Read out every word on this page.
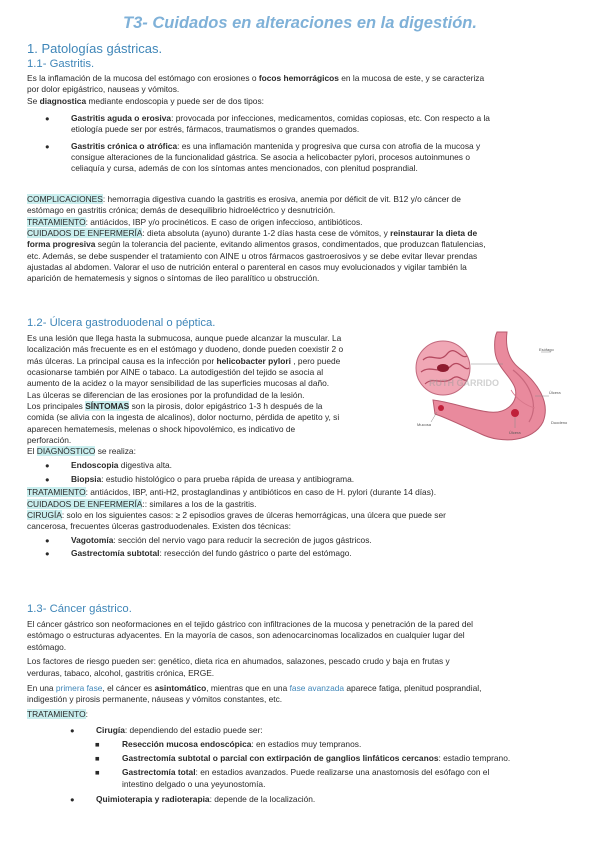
T3- Cuidados en alteraciones en la digestión.
1. Patologías gástricas.
1.1- Gastritis.

Es la inflamación de la mucosa del estómago con erosiones o focos hemorrágicos en la mucosa de este, y se caracteriza

por dolor epigástrico, nauseas y vómitos.

Se diagnostica mediante endoscopia y puede ser de dos tipos:

●	Gastritis aguda o erosiva: provocada por infecciones, medicamentos, comidas copiosas, etc. Con respecto a la

etiología puede ser por estrés, fármacos, traumatismos o grandes quemados.

●	Gastritis crónica o atrófica: es una inflamación mantenida y progresiva que cursa con atrofia de la mucosa y

consigue alteraciones de la funcionalidad gástrica. Se asocia a helicobacter pylori, procesos autoinmunes o

celiaquía y cursa, además de con los síntomas antes mencionados, con plenitud posprandial.

COMPLICACIONES: hemorragia digestiva cuando la gastritis es erosiva, anemia por déficit de vit. B12 y/o cáncer de

estómago en gastritis crónica; demás de desequilibrio hidroeléctrico y desnutrición.

TRATAMIENTO: antiácidos, IBP y/o procinéticos. E caso de origen infeccioso, antibióticos.

CUIDADOS DE ENFERMERÍA: dieta absoluta (ayuno) durante 1-2 días hasta cese de vómitos, y reinstaurar la dieta de

forma progresiva según la tolerancia del paciente, evitando alimentos grasos, condimentados, que produzcan flatulencias,

etc. Además, se debe suspender el tratamiento con AINE u otros fármacos gastroerosivos y se debe evitar llevar prendas

ajustadas al abdomen. Valorar el uso de nutrición enteral o parenteral en casos muy evolucionados y vigilar también la

aparición de hematemesis y signos o síntomas de íleo paralítico u obstrucción.

1.2- Úlcera gastroduodenal o péptica.
Esófago
Úlcera
Duodeno
Mucosa
Úlcera
RUTH GARRIDO

Es una lesión que llega hasta la submucosa, aunque puede alcanzar la muscular. La

localización más frecuente es en el estómago y duodeno, donde pueden coexistir 2 o

más úlceras. La principal causa es la infección por helicobacter pylori , pero puede

ocasionarse también por AINE o tabaco. La autodigestión del tejido se asocia al

aumento de la acidez o la mayor sensibilidad de las superficies mucosas al daño.

Las úlceras se diferencian de las erosiones por la profundidad de la lesión.

Los principales SÍNTOMAS son la pirosis, dolor epigástrico 1-3 h después de la

comida (se alivia con la ingesta de alcalinos), dolor nocturno, pérdida de apetito y, si

aparecen hematemesis, melenas o shock hipovolémico, es indicativo de

perforación.

El DIAGNÓSTICO se realiza:

●	Endoscopia digestiva alta.

●	Biopsia: estudio histológico o para prueba rápida de ureasa y antibiograma.

TRATAMIENTO: antiácidos, IBP, anti-H2, prostaglandinas y antibióticos en caso de H. pylori (durante 14 días).

CUIDADOS DE ENFERMERÍA:: similares a los de la gastritis.

CIRUGÍA: solo en los siguientes casos: ≥ 2 episodios graves de úlceras hemorrágicas, una úlcera que puede ser

cancerosa, frecuentes úlceras gastroduodenales. Existen dos técnicas:

●	Vagotomía: sección del nervio vago para reducir la secreción de jugos gástricos.

●	Gastrectomía subtotal: resección del fundo gástrico o parte del estómago.

1.3- Cáncer gástrico.

El cáncer gástrico son neoformaciones en el tejido gástrico con infiltraciones de la mucosa y penetración de la pared del

estómago o estructuras adyacentes. En la mayoría de casos, son adenocarcinomas localizados en cualquier lugar del

estómago.

Los factores de riesgo pueden ser: genético, dieta rica en ahumados, salazones, pescado crudo y baja en frutas y

verduras, tabaco, alcohol, gastritis crónica, ERGE.

En una primera fase, el cáncer es asintomático, mientras que en una fase avanzada aparece fatiga, plenitud posprandial,

indigestión y pirosis permanente, náuseas y vómitos constantes, etc.

TRATAMIENTO:

●	Cirugía: dependiendo del estadio puede ser:

■	Resección mucosa endoscópica: en estadios muy tempranos.

■	Gastrectomía subtotal o parcial con extirpación de ganglios linfáticos cercanos: estadio temprano.

■	Gastrectomía total: en estadios avanzados. Puede realizarse una anastomosis del esófago con el

intestino delgado o una yeyunostomía.

●	Quimioterapia y radioterapia: depende de la localización.
